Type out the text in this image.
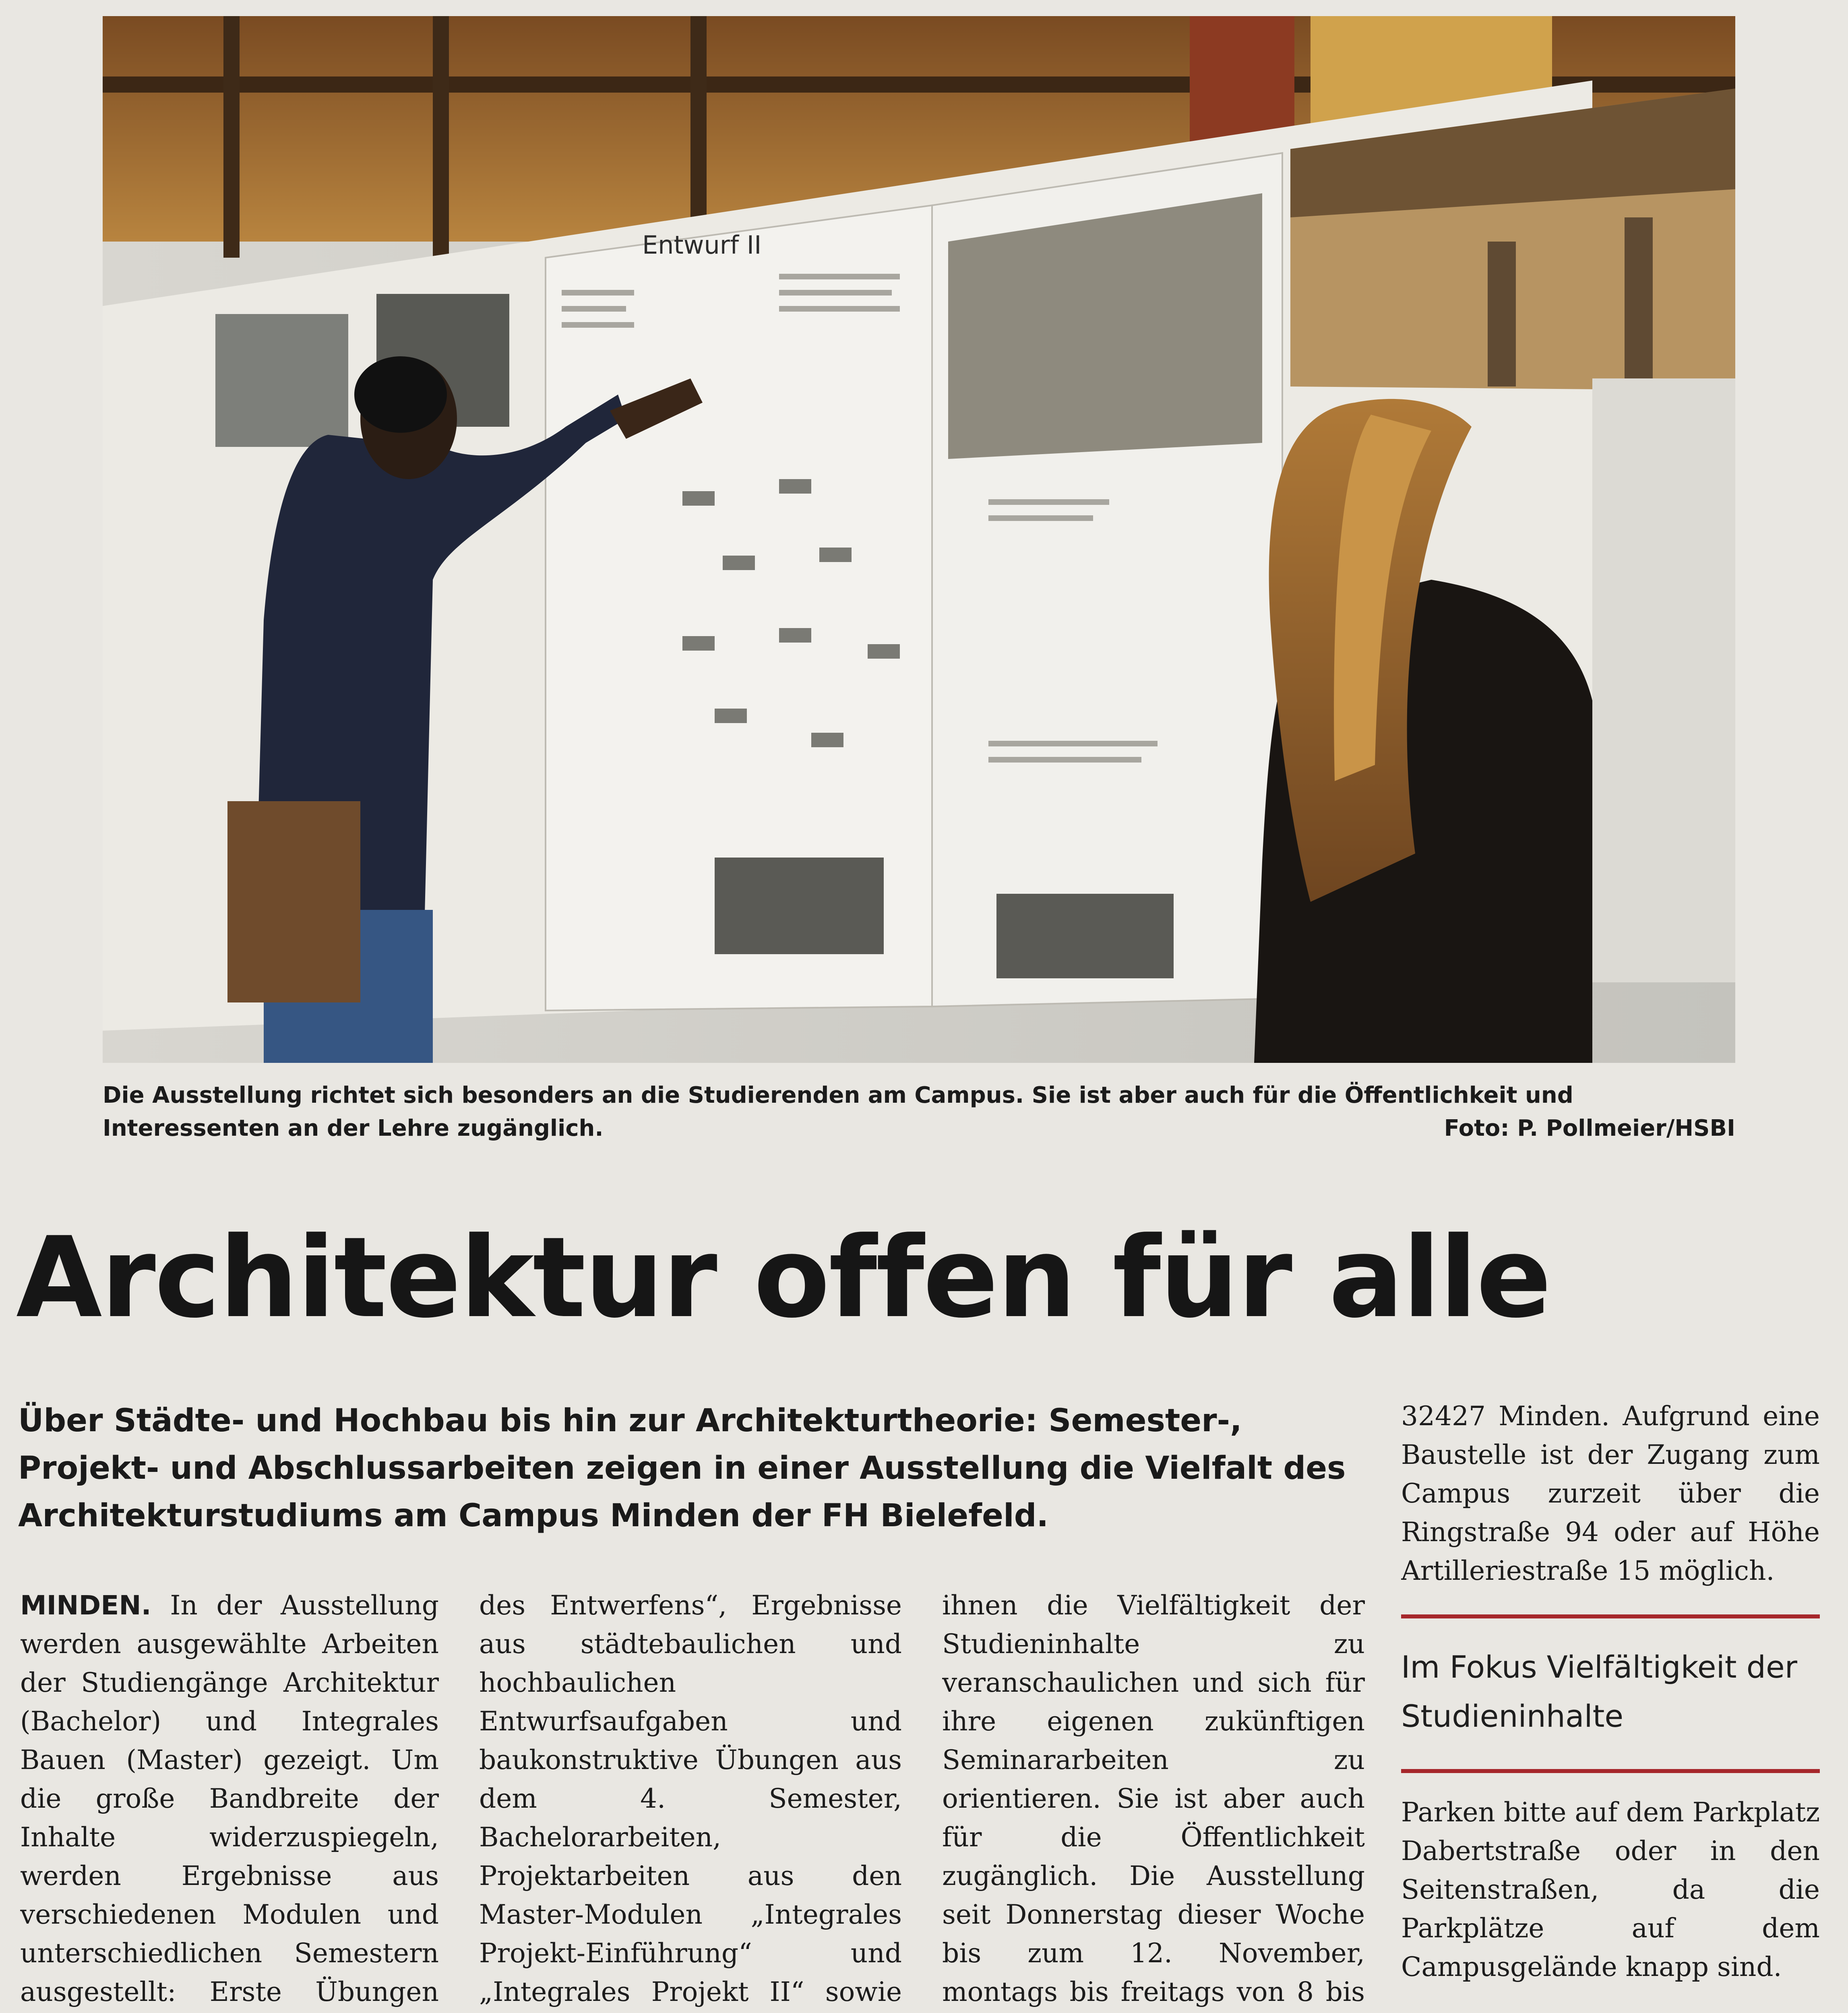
Entwurf II
Die Ausstellung richtet sich besonders an die Studierenden am Campus. Sie ist aber auch für die Öffentlichkeit und Interessenten an der Lehre zugänglich.	Foto: P. Pollmeier/HSBI
Architektur offen für alle
Über Städte- und Hochbau bis hin zur Architekturtheorie: Semester-, Projekt- und Abschlussarbeiten zeigen in einer Ausstellung die Vielfalt des Architekturstudiums am Campus Minden der FH Bielefeld.

MINDEN. In der Ausstellung werden ausgewählte Arbeiten der Studiengänge Architektur (Bachelor) und Integrales Bauen (Master) gezeigt. Um die große Bandbreite der Inhalte widerzuspiegeln, werden Ergebnisse aus verschiedenen Modulen und unterschiedlichen Semestern ausgestellt: Erste Übungen

des Entwerfens“, Ergebnisse aus städtebaulichen und hochbaulichen Entwurfsaufgaben und baukonstruktive Übungen aus dem 4. Semester, Bachelorarbeiten, Projektarbeiten aus den Master-Modulen „Integrales Projekt-Einführung“ und „Integrales Projekt II“ sowie

ihnen die Vielfältigkeit der Studieninhalte zu veranschaulichen und sich für ihre eigenen zukünftigen Seminararbeiten zu orientieren. Sie ist aber auch für die Öffentlichkeit zugänglich. Die Ausstellung seit Donnerstag dieser Woche bis zum 12. November, montags bis freitags von 8 bis

32427 Minden. Aufgrund eine Baustelle ist der Zugang zum Campus zurzeit über die Ringstraße 94 oder auf Höhe Artilleriestraße 15 möglich.

Im Fokus Vielfältigkeit der Studieninhalte

Parken bitte auf dem Parkplatz Dabertstraße oder in den Seitenstraßen, da die Parkplätze auf dem Campusgelände knapp sind.
